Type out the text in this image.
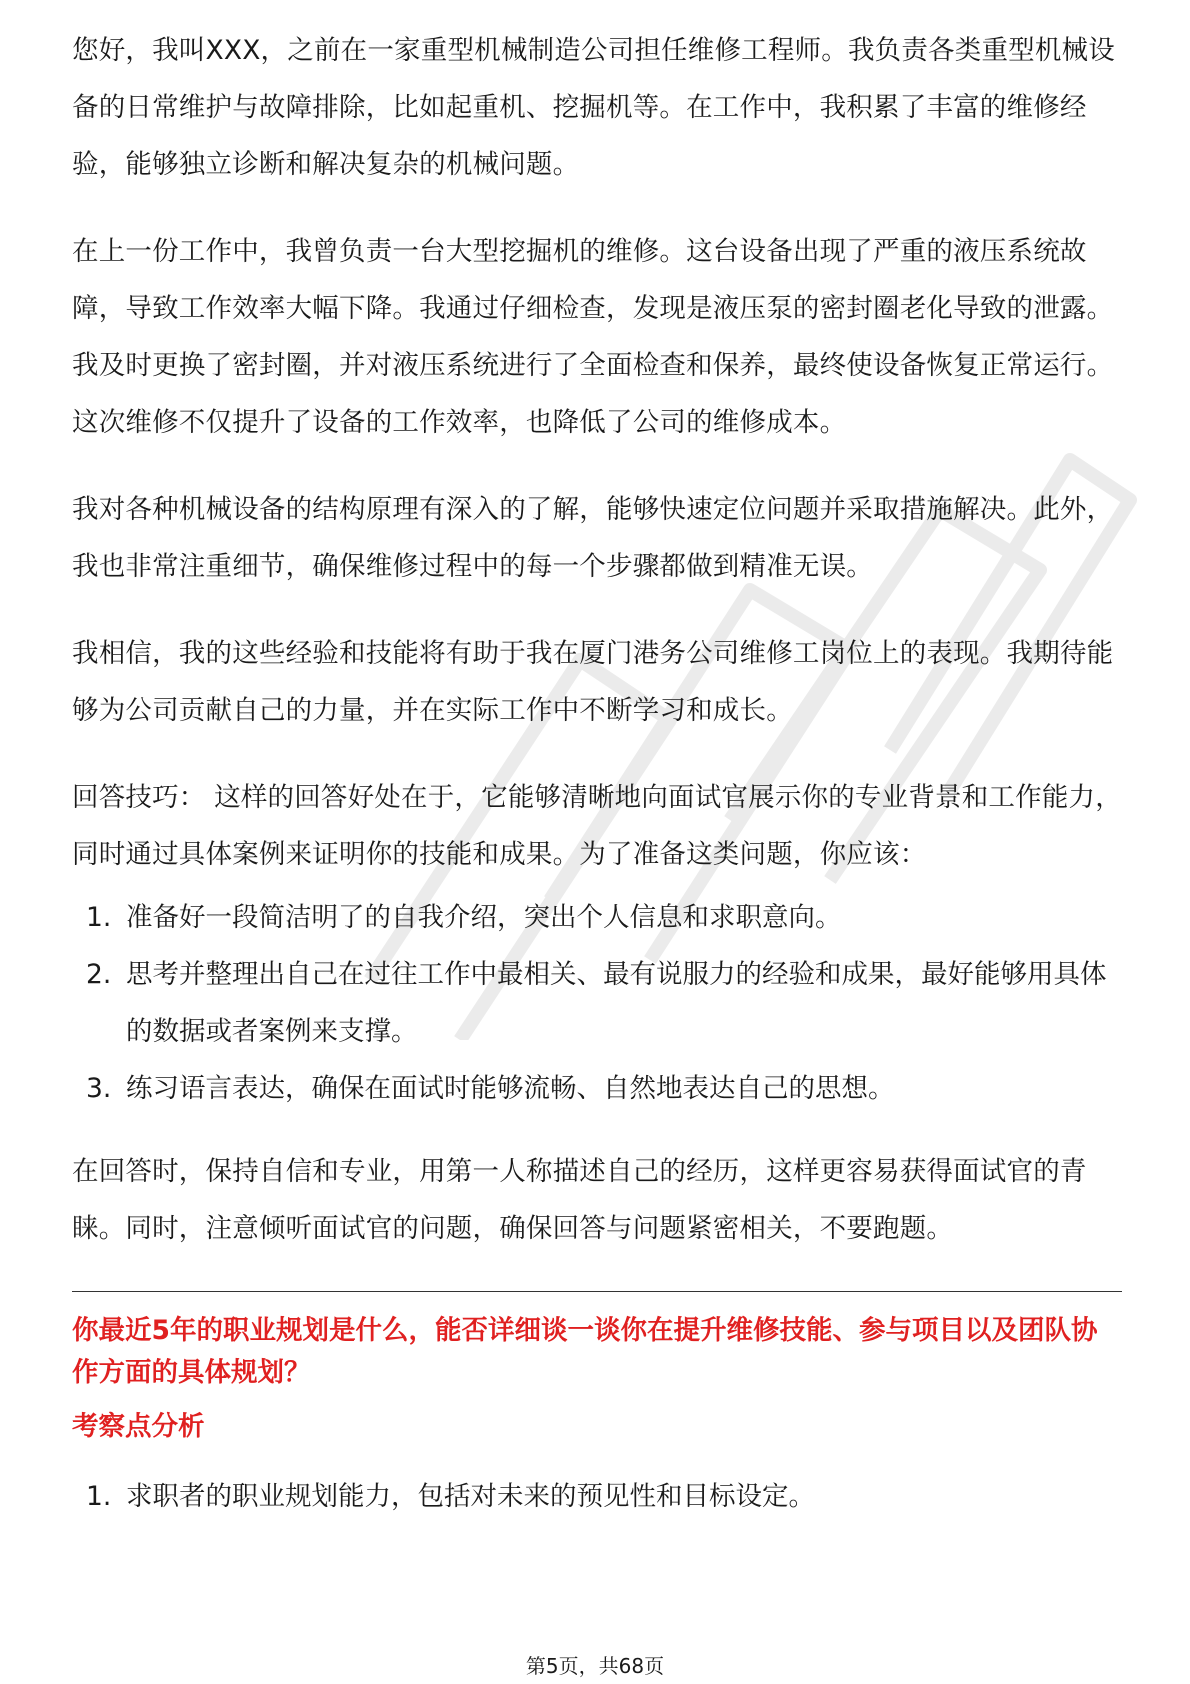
您好，我叫XXX，之前在一家重型机械制造公司担任维修工程师。我负责各类重型机械设备的日常维护与故障排除，比如起重机、挖掘机等。在工作中，我积累了丰富的维修经验，能够独立诊断和解决复杂的机械问题。

在上一份工作中，我曾负责一台大型挖掘机的维修。这台设备出现了严重的液压系统故障，导致工作效率大幅下降。我通过仔细检查，发现是液压泵的密封圈老化导致的泄露。我及时更换了密封圈，并对液压系统进行了全面检查和保养，最终使设备恢复正常运行。这次维修不仅提升了设备的工作效率，也降低了公司的维修成本。

我对各种机械设备的结构原理有深入的了解，能够快速定位问题并采取措施解决。此外，我也非常注重细节，确保维修过程中的每一个步骤都做到精准无误。

我相信，我的这些经验和技能将有助于我在厦门港务公司维修工岗位上的表现。我期待能够为公司贡献自己的力量，并在实际工作中不断学习和成长。

回答技巧： 这样的回答好处在于，它能够清晰地向面试官展示你的专业背景和工作能力，同时通过具体案例来证明你的技能和成果。为了准备这类问题，你应该：

1. 准备好一段简洁明了的自我介绍，突出个人信息和求职意向。
2. 思考并整理出自己在过往工作中最相关、最有说服力的经验和成果，最好能够用具体的数据或者案例来支撑。
3. 练习语言表达，确保在面试时能够流畅、自然地表达自己的思想。

在回答时，保持自信和专业，用第一人称描述自己的经历，这样更容易获得面试官的青睐。同时，注意倾听面试官的问题，确保回答与问题紧密相关，不要跑题。

你最近5年的职业规划是什么，能否详细谈一谈你在提升维修技能、参与项目以及团队协作方面的具体规划？

考察点分析

1. 求职者的职业规划能力，包括对未来的预见性和目标设定。
第5页，共68页
